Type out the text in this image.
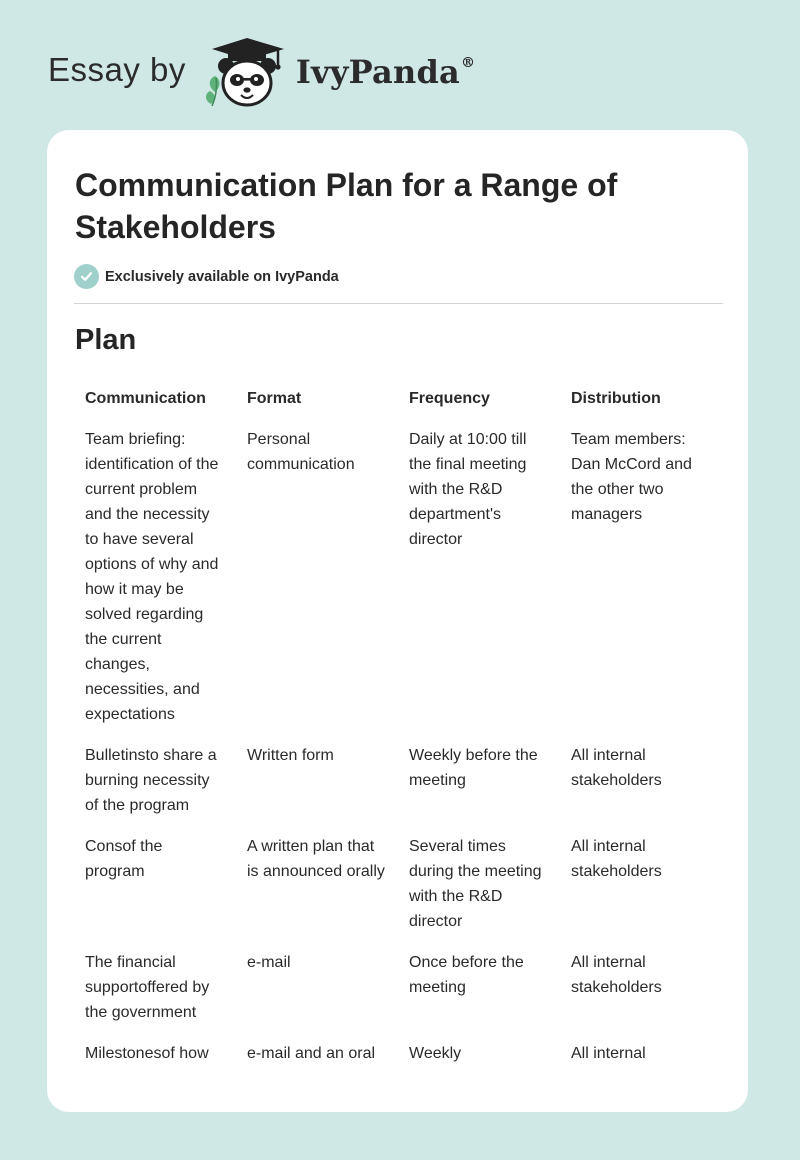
Essay by	IvyPanda®
Communication Plan for a Range of Stakeholders
Exclusively available on IvyPanda
Plan
Communication	Format	Frequency	Distribution
Team briefing: identification of the current problem and the necessity to have several options of why and how it may be solved regarding the current changes, necessities, and expectations	Personal communication	Daily at 10:00 till the final meeting with the R&D department's director	Team members: Dan McCord and the other two managers
Bulletinsto share a burning necessity of the program	Written form	Weekly before the meeting	All internal stakeholders
Consof the program	A written plan that is announced orally	Several times during the meeting with the R&D director	All internal stakeholders
The financial supportoffered by the government	e-mail	Once before the meeting	All internal stakeholders
Milestonesof how	e-mail and an oral	Weekly	All internal
